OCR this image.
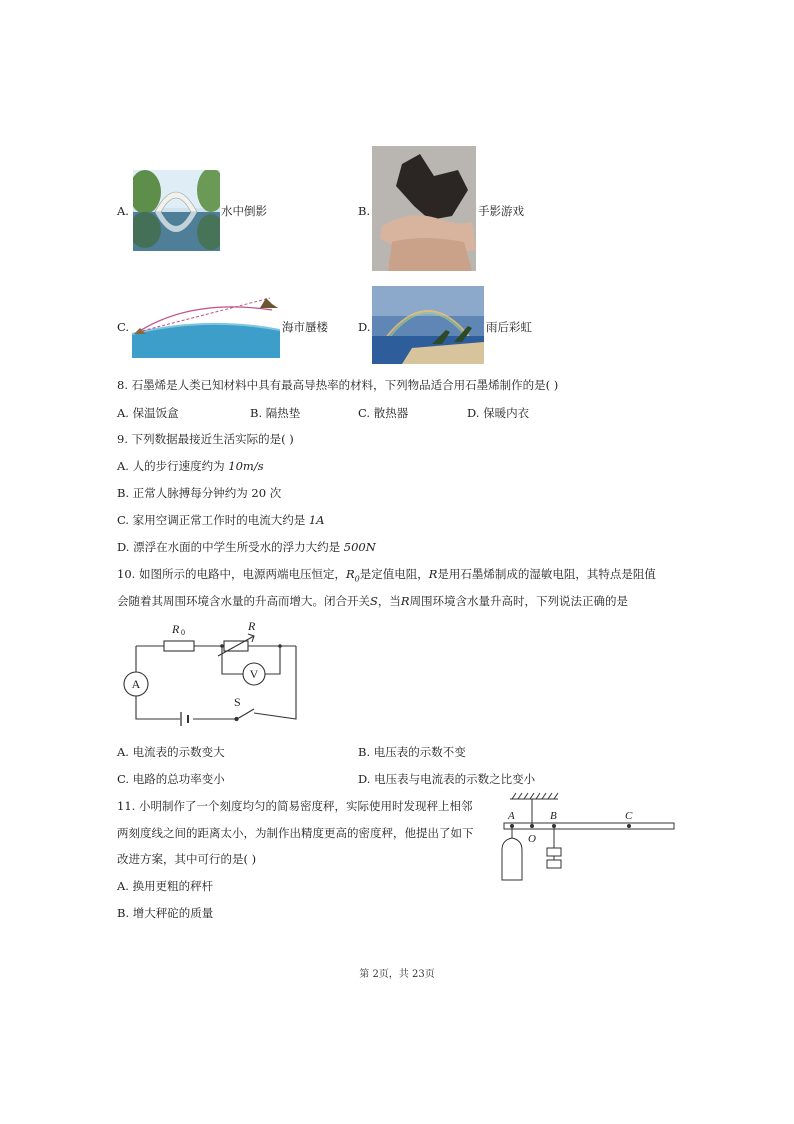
A.	水中倒影	B.	手影游戏
C.	海市蜃楼	D.	雨后彩虹
8. 石墨烯是人类已知材料中具有最高导热率的材料，下列物品适合用石墨烯制作的是( )
A. 保温饭盒	B. 隔热垫	C. 散热器	D. 保暖内衣
9. 下列数据最接近生活实际的是( )
A. 人的步行速度约为 10m/s
B. 正常人脉搏每分钟约为 20 次
C. 家用空调正常工作时的电流大约是 1A
D. 漂浮在水面的中学生所受水的浮力大约是 500N
10. 如图所示的电路中，电源两端电压恒定，$R_0$是定值电阻，R是用石墨烯制成的湿敏电阻，其特点是阻值
会随着其周围环境含水量的升高而增大。闭合开关S，当R周围环境含水量升高时，下列说法正确的是
A
V
R 0	R
S
A. 电流表的示数变大	B. 电压表的示数不变
C. 电路的总功率变小	D. 电压表与电流表的示数之比变小
11. 小明制作了一个刻度均匀的简易密度秤，实际使用时发现秤上相邻
两刻度线之间的距离太小，为制作出精度更高的密度秤，他提出了如下
改进方案，其中可行的是( )
A. 换用更粗的秤杆
B. 增大秤砣的质量
A
O
B	C
第 2页，共 23页
